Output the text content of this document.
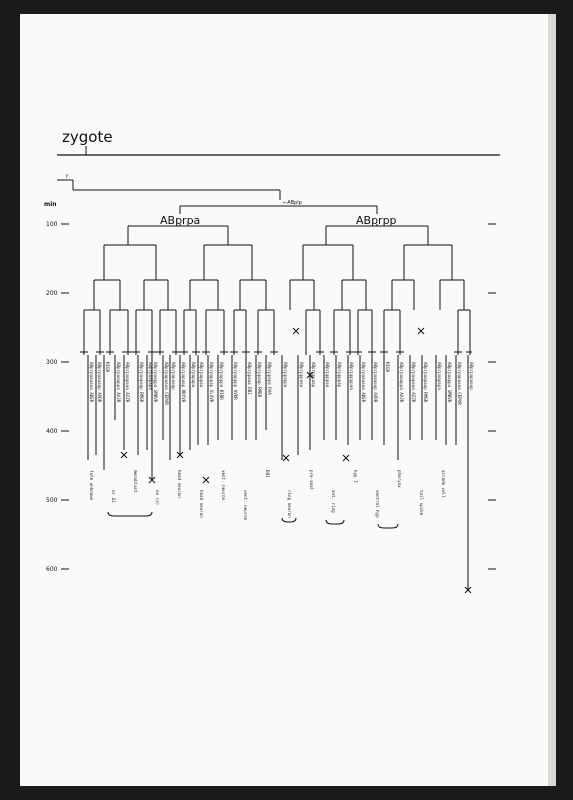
zygote
r
←ABplp
min
ABprpa	ABprpp
100
200
300
400
500
600
ABprpaaaaaa ADER ABprpaaaaap AVDR RIGR ABprpaaappa AVJR ABprpaapaaa AIZR ABprpaapaap RMGR ABprpaapapa ABprpaappa SMBVR ABprpapaaaa CEPVR ABprpapaaap ABprpapaap URYVR ABprpapapa ABprpappaa ABprpappap OLQVR ABprpapppa RIBR ABprpapppp AVKR ABprppaaa DB1 ABprppaap RMER ABprppapa DVA	ABprppappa	ABprpppaaa ABprpppaap ABprppppaa ABprppppap ABprpppppaa ABprpaaaaaa ADER ABprpaaaaap AVDR RIGR ABprpaaappa AVJR ABprpaapaaa AIZR ABprpaapaap RMGR ABprpaapapa ABprpaappa SMBVR ABprpapaaaa CEPVR ABprpapaaap
fate unknown	or G1
mesoblast
no (∅)	head neuron
head neuron
vent. neuron
vent. neuron
DB1
ring neuron
pre-anal
ant. ring
hyp 7
ventral hyp
pharynx
tail spike
arcade cell
